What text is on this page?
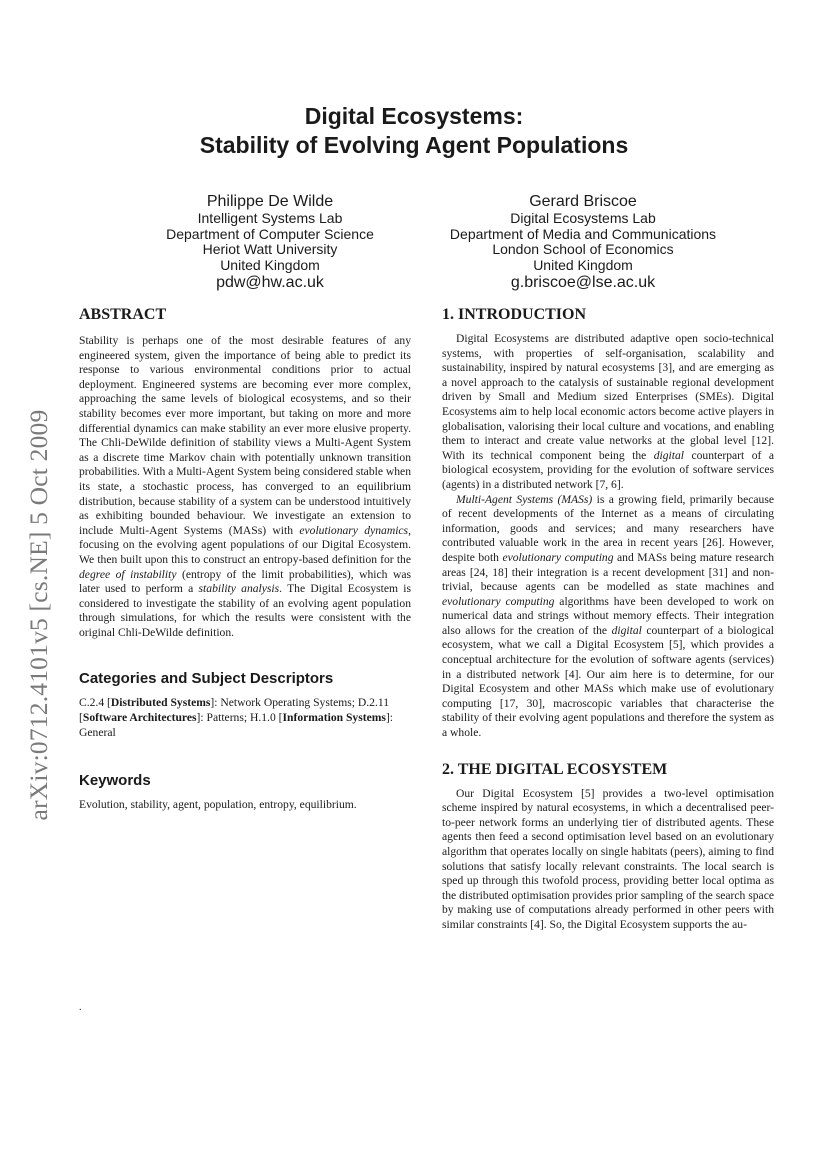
arXiv:0712.4101v5 [cs.NE] 5 Oct 2009
Digital Ecosystems:
Stability of Evolving Agent Populations
Philippe De Wilde
Intelligent Systems Lab
Department of Computer Science
Heriot Watt University
United Kingdom
pdw@hw.ac.uk
Gerard Briscoe
Digital Ecosystems Lab
Department of Media and Communications
London School of Economics
United Kingdom
g.briscoe@lse.ac.uk
ABSTRACT

Stability is perhaps one of the most desirable features of any engineered system, given the importance of being able to predict its response to various environmental conditions prior to actual deployment. Engineered systems are becoming ever more complex, approaching the same levels of biological ecosystems, and so their stability becomes ever more important, but taking on more and more differential dynamics can make stability an ever more elusive property. The Chli-DeWilde definition of stability views a Multi-Agent System as a discrete time Markov chain with potentially unknown transition probabilities. With a Multi-Agent System being considered stable when its state, a stochastic process, has converged to an equilibrium distribution, because stability of a system can be understood intuitively as exhibiting bounded behaviour. We investigate an extension to include Multi-Agent Systems (MASs) with evolutionary dynamics, focusing on the evolving agent populations of our Digital Ecosystem. We then built upon this to construct an entropy-based definition for the degree of instability (entropy of the limit probabilities), which was later used to perform a stability analysis. The Digital Ecosystem is considered to investigate the stability of an evolving agent population through simulations, for which the results were consistent with the original Chli-DeWilde definition.

Categories and Subject Descriptors

C.2.4 [Distributed Systems]: Network Operating Systems; D.2.11 [Software Architectures]: Patterns; H.1.0 [Information Systems]: General

Keywords

Evolution, stability, agent, population, entropy, equilibrium.

.
1. INTRODUCTION

Digital Ecosystems are distributed adaptive open socio-technical systems, with properties of self-organisation, scalability and sustainability, inspired by natural ecosystems [3], and are emerging as a novel approach to the catalysis of sustainable regional development driven by Small and Medium sized Enterprises (SMEs). Digital Ecosystems aim to help local economic actors become active players in globalisation, valorising their local culture and vocations, and enabling them to interact and create value networks at the global level [12]. With its technical component being the digital counterpart of a biological ecosystem, providing for the evolution of software services (agents) in a distributed network [7, 6].

Multi-Agent Systems (MASs) is a growing field, primarily because of recent developments of the Internet as a means of circulating information, goods and services; and many researchers have contributed valuable work in the area in recent years [26]. However, despite both evolutionary computing and MASs being mature research areas [24, 18] their integration is a recent development [31] and non-trivial, because agents can be modelled as state machines and evolutionary computing algorithms have been developed to work on numerical data and strings without memory effects. Their integration also allows for the creation of the digital counterpart of a biological ecosystem, what we call a Digital Ecosystem [5], which provides a conceptual architecture for the evolution of software agents (services) in a distributed network [4]. Our aim here is to determine, for our Digital Ecosystem and other MASs which make use of evolutionary computing [17, 30], macroscopic variables that characterise the stability of their evolving agent populations and therefore the system as a whole.

2. THE DIGITAL ECOSYSTEM

Our Digital Ecosystem [5] provides a two-level optimisation scheme inspired by natural ecosystems, in which a decentralised peer-to-peer network forms an underlying tier of distributed agents. These agents then feed a second optimisation level based on an evolutionary algorithm that operates locally on single habitats (peers), aiming to find solutions that satisfy locally relevant constraints. The local search is sped up through this twofold process, providing better local optima as the distributed optimisation provides prior sampling of the search space by making use of computations already performed in other peers with similar constraints [4]. So, the Digital Ecosystem supports the au-
